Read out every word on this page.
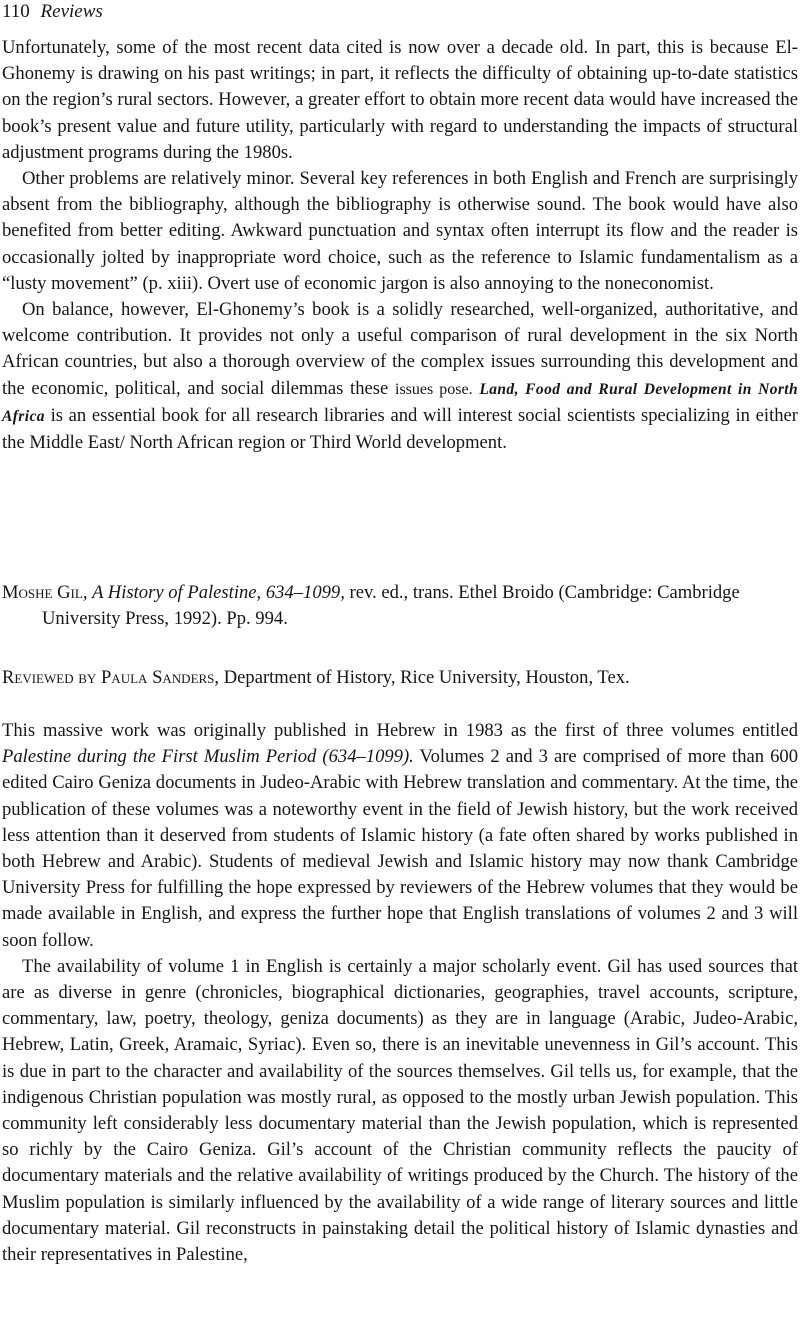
110 Reviews

Unfortunately, some of the most recent data cited is now over a decade old. In part, this is because El-Ghonemy is drawing on his past writings; in part, it reflects the difficulty of obtaining up-to-date statistics on the region’s rural sectors. However, a greater effort to obtain more recent data would have increased the book’s present value and future utility, particularly with regard to understanding the impacts of structural adjustment programs during the 1980s.

Other problems are relatively minor. Several key references in both English and French are surprisingly absent from the bibliography, although the bibliography is otherwise sound. The book would have also benefited from better editing. Awkward punctuation and syntax often interrupt its flow and the reader is occasionally jolted by inappropriate word choice, such as the reference to Islamic fundamentalism as a “lusty movement” (p. xiii). Overt use of economic jargon is also annoying to the noneconomist.

On balance, however, El-Ghonemy’s book is a solidly researched, well-organized, authoritative, and welcome contribution. It provides not only a useful comparison of rural development in the six North African countries, but also a thorough overview of the complex issues surrounding this development and the economic, political, and social dilemmas these issues pose. Land, Food and Rural Development in North Africa is an essential book for all research libraries and will interest social scientists specializing in either the Middle East/ North African region or Third World development.

Moshe Gil, A History of Palestine, 634–1099, rev. ed., trans. Ethel Broido (Cambridge: Cambridge University Press, 1992). Pp. 994.

Reviewed by Paula Sanders, Department of History, Rice University, Houston, Tex.

This massive work was originally published in Hebrew in 1983 as the first of three volumes entitled Palestine during the First Muslim Period (634–1099). Volumes 2 and 3 are comprised of more than 600 edited Cairo Geniza documents in Judeo-Arabic with Hebrew translation and commentary. At the time, the publication of these volumes was a noteworthy event in the field of Jewish history, but the work received less attention than it deserved from students of Islamic history (a fate often shared by works published in both Hebrew and Arabic). Students of medieval Jewish and Islamic history may now thank Cambridge University Press for fulfilling the hope expressed by reviewers of the Hebrew volumes that they would be made available in English, and express the further hope that English translations of volumes 2 and 3 will soon follow.

The availability of volume 1 in English is certainly a major scholarly event. Gil has used sources that are as diverse in genre (chronicles, biographical dictionaries, geographies, travel accounts, scripture, commentary, law, poetry, theology, geniza documents) as they are in language (Arabic, Judeo-Arabic, Hebrew, Latin, Greek, Aramaic, Syriac). Even so, there is an inevitable unevenness in Gil’s account. This is due in part to the character and availability of the sources themselves. Gil tells us, for example, that the indigenous Christian population was mostly rural, as opposed to the mostly urban Jewish population. This community left considerably less documentary material than the Jewish population, which is represented so richly by the Cairo Geniza. Gil’s account of the Christian community reflects the paucity of documentary materials and the relative availability of writings produced by the Church. The history of the Muslim population is similarly influenced by the availability of a wide range of literary sources and little documentary material. Gil reconstructs in painstaking detail the political history of Islamic dynasties and their representatives in Palestine,
